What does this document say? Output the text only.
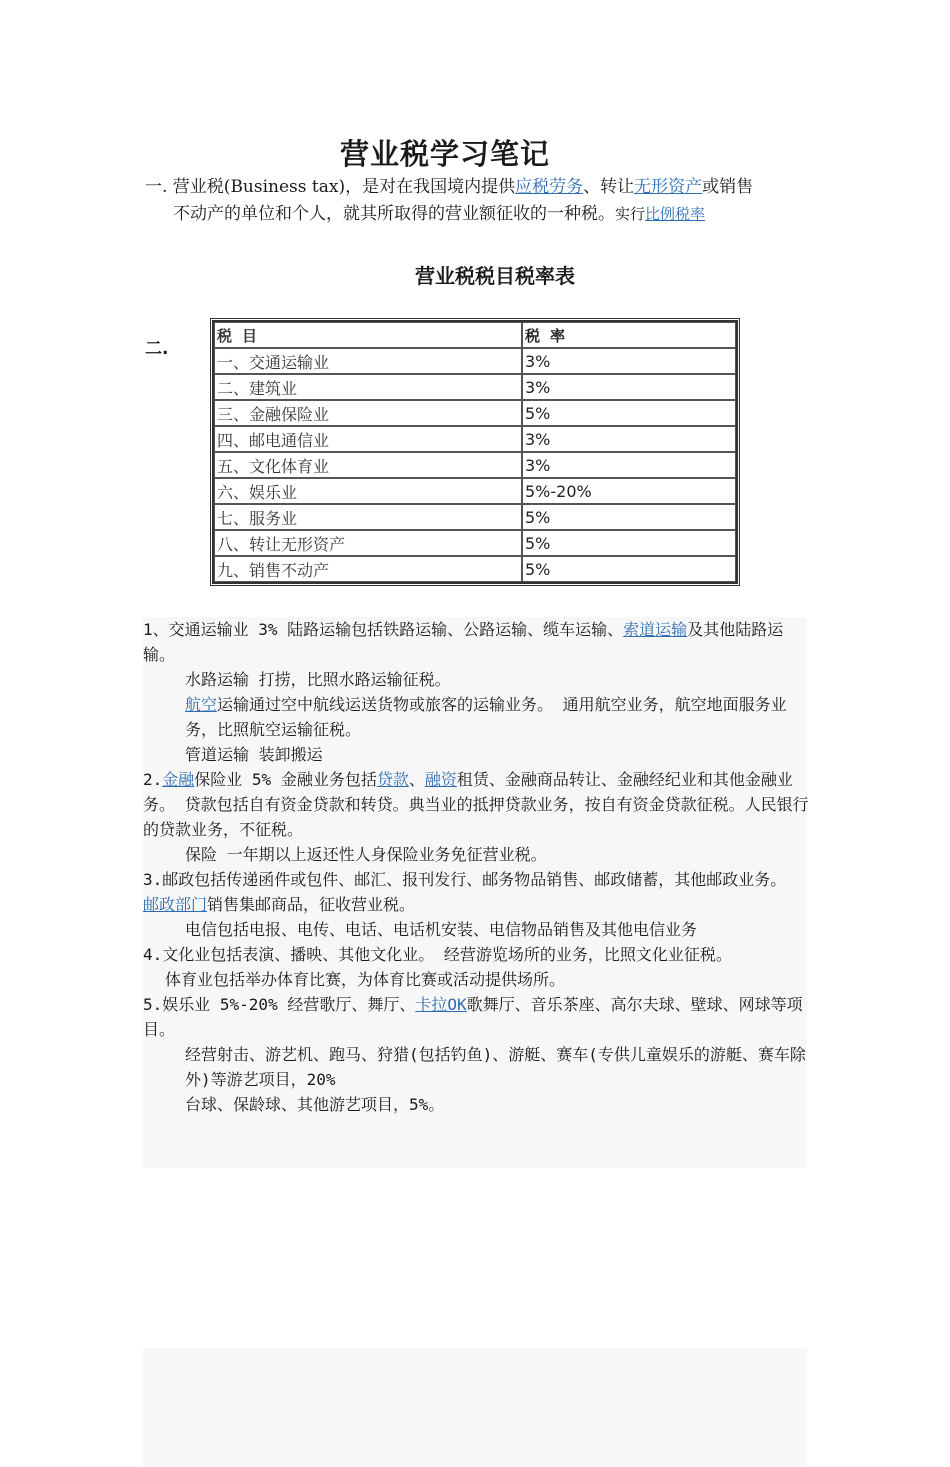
营业税学习笔记
一. 营业税(Business tax)，是对在我国境内提供应税劳务、转让无形资产或销售
不动产的单位和个人，就其所取得的营业额征收的一种税。实行比例税率
营业税税目税率表
二.
税目	税率
一、交通运输业	3%
二、建筑业	3%
三、金融保险业	5%
四、邮电通信业	3%
五、文化体育业	3%
六、娱乐业	5%-20%
七、服务业	5%
八、转让无形资产	5%
九、销售不动产	5%

1、交通运输业 3% 陆路运输包括铁路运输、公路运输、缆车运输、索道运输及其他陆路运输。

水路运输 打捞，比照水路运输征税。

航空运输通过空中航线运送货物或旅客的运输业务。 通用航空业务，航空地面服务业务，比照航空运输征税。

管道运输 装卸搬运

2.金融保险业 5% 金融业务包括贷款、融资租赁、金融商品转让、金融经纪业和其他金融业务。 贷款包括自有资金贷款和转贷。典当业的抵押贷款业务，按自有资金贷款征税。人民银行的贷款业务，不征税。

保险 一年期以上返还性人身保险业务免征营业税。

3.邮政包括传递函件或包件、邮汇、报刊发行、邮务物品销售、邮政储蓄，其他邮政业务。 邮政部门销售集邮商品，征收营业税。

电信包括电报、电传、电话、电话机安装、电信物品销售及其他电信业务

4.文化业包括表演、播映、其他文化业。 经营游览场所的业务，比照文化业征税。

体育业包括举办体育比赛，为体育比赛或活动提供场所。

5.娱乐业 5%-20% 经营歌厅、舞厅、卡拉OK歌舞厅、音乐茶座、高尔夫球、壁球、网球等项目。

经营射击、游艺机、跑马、狩猎(包括钓鱼)、游艇、赛车(专供儿童娱乐的游艇、赛车除外)等游艺项目，20%

台球、保龄球、其他游艺项目，5%。
